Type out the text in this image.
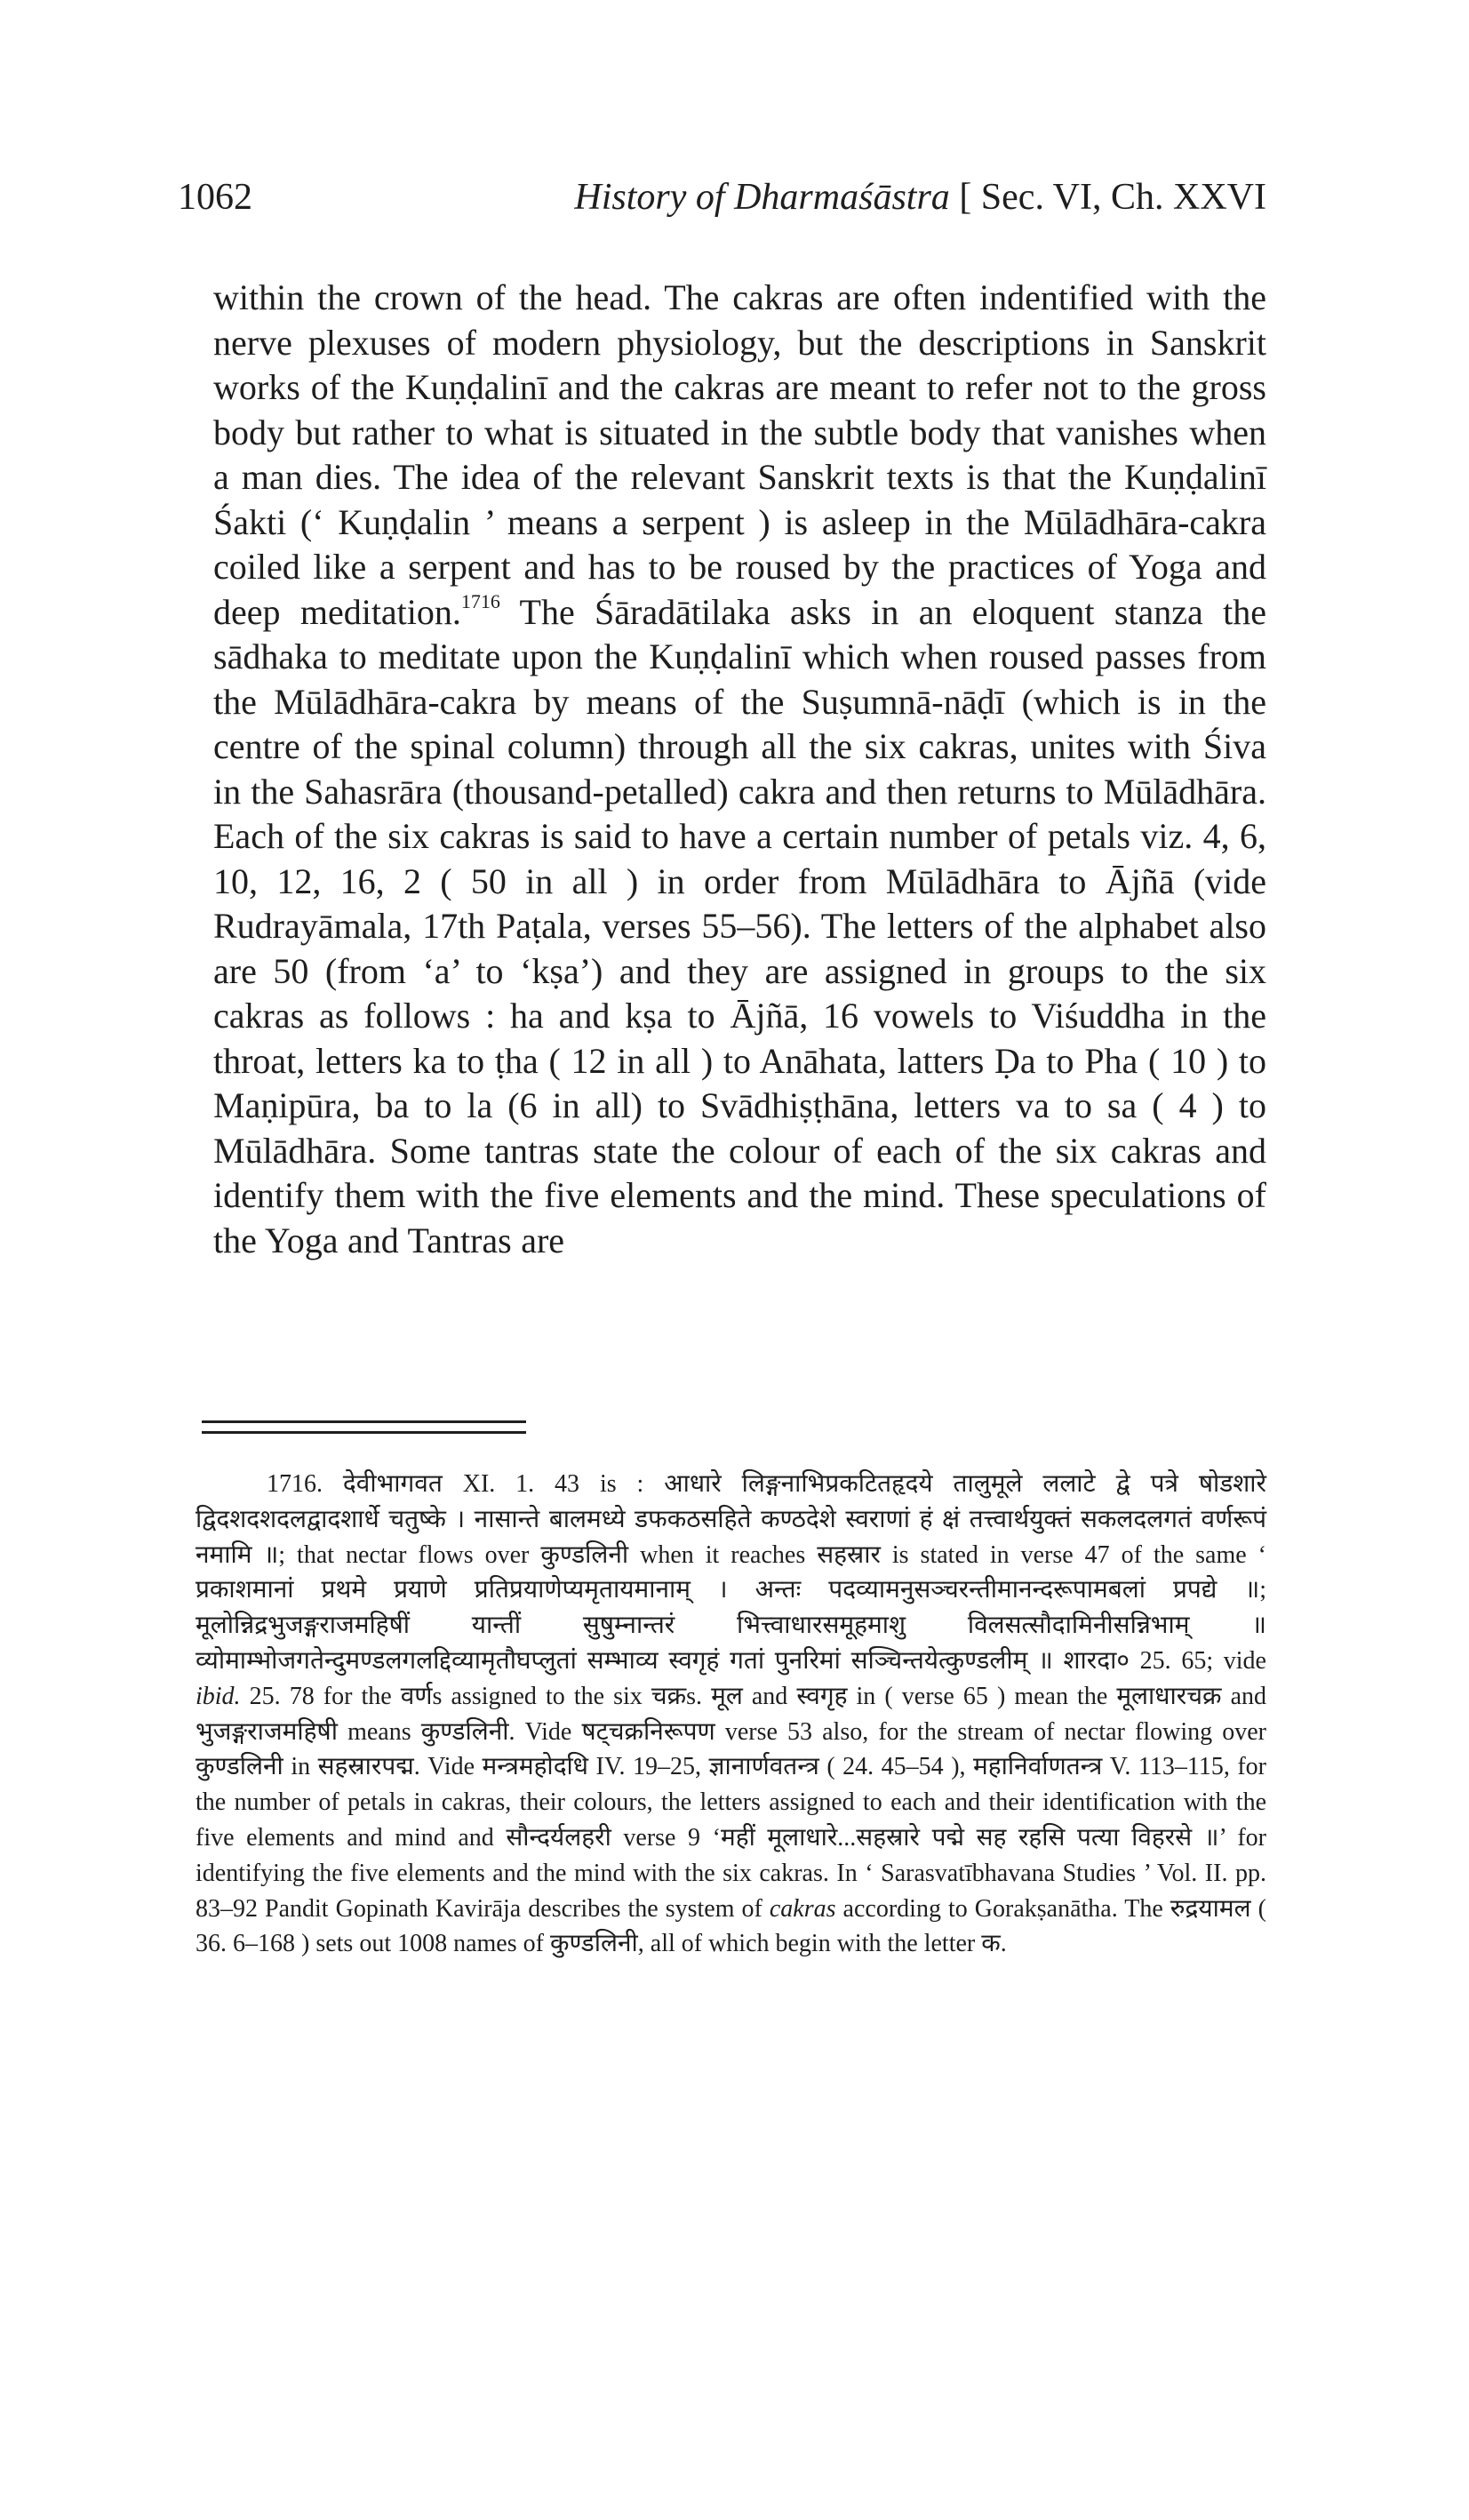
1062	History of Dharmaśāstra [ Sec. VI, Ch. XXVI
within the crown of the head. The cakras are often indentified with the nerve plexuses of modern physiology, but the descriptions in Sanskrit works of the Kuṇḍalinī and the cakras are meant to refer not to the gross body but rather to what is situated in the subtle body that vanishes when a man dies. The idea of the relevant Sanskrit texts is that the Kuṇḍalinī Śakti (‘ Kuṇḍalin ’ means a serpent ) is asleep in the Mūlādhāra-cakra coiled like a serpent and has to be roused by the practices of Yoga and deep meditation.$^{1716}$ The Śāradātilaka asks in an eloquent stanza the sādhaka to meditate upon the Kuṇḍalinī which when roused passes from the Mūlādhāra-cakra by means of the Suṣumnā-nāḍī (which is in the centre of the spinal column) through all the six cakras, unites with Śiva in the Sahasrāra (thousand-petalled) cakra and then returns to Mūlādhāra. Each of the six cakras is said to have a certain number of petals viz. 4, 6, 10, 12, 16, 2 ( 50 in all ) in order from Mūlādhāra to Ājñā (vide Rudrayāmala, 17th Paṭala, verses 55–56). The letters of the alphabet also are 50 (from ‘a’ to ‘kṣa’) and they are assigned in groups to the six cakras as follows : ha and kṣa to Ājñā, 16 vowels to Viśuddha in the throat, letters ka to ṭha ( 12 in all ) to Anāhata, latters Ḍa to Pha ( 10 ) to Maṇipūra, ba to la (6 in all) to Svādhiṣṭhāna, letters va to sa ( 4 ) to Mūlādhāra. Some tantras state the colour of each of the six cakras and identify them with the five elements and the mind. These speculations of the Yoga and Tantras are
1716. देवीभागवत XI. 1. 43 is : आधारे लिङ्गनाभिप्रकटितहृदये तालुमूले ललाटे द्वे पत्रे षोडशारे द्विदशदशदलद्वादशार्धे चतुष्के । नासान्ते बालमध्ये डफकठसहिते कण्ठदेशे स्वराणां हं क्षं तत्त्वार्थयुक्तं सकलदलगतं वर्णरूपं नमामि ॥; that nectar flows over कुण्डलिनी when it reaches सहस्रार is stated in verse 47 of the same ‘ प्रकाशमानां प्रथमे प्रयाणे प्रतिप्रयाणेप्यमृतायमानाम् । अन्तः पदव्यामनुसञ्चरन्तीमानन्दरूपामबलां प्रपद्ये ॥; मूलोन्निद्रभुजङ्गराजमहिषीं यान्तीं सुषुम्नान्तरं भित्त्वाधारसमूहमाशु विलसत्सौदामिनीसन्निभाम् ॥ व्योमाम्भोजगतेन्दुमण्डलगलद्दिव्यामृतौघप्लुतां सम्भाव्य स्वगृहं गतां पुनरिमां सञ्चिन्तयेत्कुण्डलीम् ॥ शारदा० 25. 65; vide ibid. 25. 78 for the वर्णs assigned to the six चक्रs. मूल and स्वगृह in ( verse 65 ) mean the मूलाधारचक्र and भुजङ्गराजमहिषी means कुण्डलिनी. Vide षट्चक्रनिरूपण verse 53 also, for the stream of nectar flowing over कुण्डलिनी in सहस्रारपद्म. Vide मन्त्रमहोदधि IV. 19–25, ज्ञानार्णवतन्त्र ( 24. 45–54 ), महानिर्वाणतन्त्र V. 113–115, for the number of petals in cakras, their colours, the letters assigned to each and their identification with the five elements and mind and सौन्दर्यलहरी verse 9 ‘महीं मूलाधारे...सहस्रारे पद्मे सह रहसि पत्या विहरसे ॥’ for identifying the five elements and the mind with the six cakras. In ‘ Sarasvatībhavana Studies ’ Vol. II. pp. 83–92 Pandit Gopinath Kavirāja describes the system of cakras according to Gorakṣanātha. The रुद्रयामल ( 36. 6–168 ) sets out 1008 names of कुण्डलिनी, all of which begin with the letter क.
